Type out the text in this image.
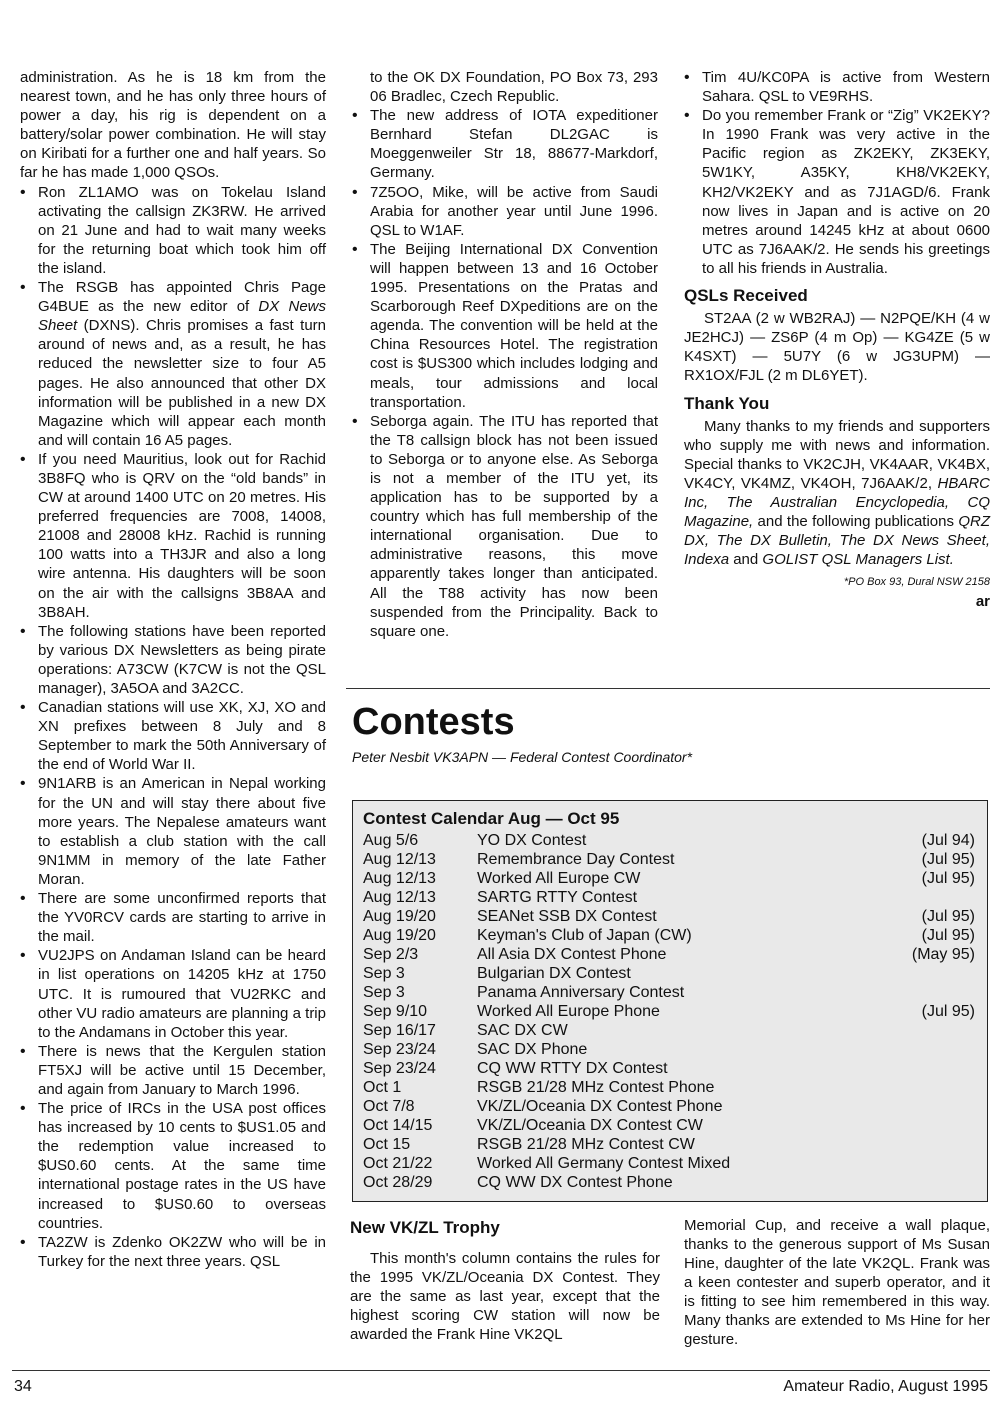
administration. As he is 18 km from the nearest town, and he has only three hours of power a day, his rig is dependent on a battery/solar power combination. He will stay on Kiribati for a further one and half years. So far he has made 1,000 QSOs.

• Ron ZL1AMO was on Tokelau Island activating the callsign ZK3RW. He arrived on 21 June and had to wait many weeks for the returning boat which took him off the island.

• The RSGB has appointed Chris Page G4BUE as the new editor of DX News Sheet (DXNS). Chris promises a fast turn around of news and, as a result, he has reduced the newsletter size to four A5 pages. He also announced that other DX information will be published in a new DX Magazine which will appear each month and will contain 16 A5 pages.

• If you need Mauritius, look out for Rachid 3B8FQ who is QRV on the “old bands” in CW at around 1400 UTC on 20 metres. His preferred frequencies are 7008, 14008, 21008 and 28008 kHz. Rachid is running 100 watts into a TH3JR and also a long wire antenna. His daughters will be soon on the air with the callsigns 3B8AA and 3B8AH.

• The following stations have been reported by various DX Newsletters as being pirate operations: A73CW (K7CW is not the QSL manager), 3A5OA and 3A2CC.

• Canadian stations will use XK, XJ, XO and XN prefixes between 8 July and 8 September to mark the 50th Anniversary of the end of World War II.

• 9N1ARB is an American in Nepal working for the UN and will stay there about five more years. The Nepalese amateurs want to establish a club station with the call 9N1MM in memory of the late Father Moran.

• There are some unconfirmed reports that the YV0RCV cards are starting to arrive in the mail.

• VU2JPS on Andaman Island can be heard in list operations on 14205 kHz at 1750 UTC. It is rumoured that VU2RKC and other VU radio amateurs are planning a trip to the Andamans in October this year.

• There is news that the Kergulen station FT5XJ will be active until 15 December, and again from January to March 1996.

• The price of IRCs in the USA post offices has increased by 10 cents to $US1.05 and the redemption value increased to $US0.60 cents. At the same time international postage rates in the US have increased to $US0.60 to overseas countries.

• TA2ZW is Zdenko OK2ZW who will be in Turkey for the next three years. QSL

to the OK DX Foundation, PO Box 73, 293 06 Bradlec, Czech Republic.

• The new address of IOTA expeditioner Bernhard Stefan DL2GAC is Moeggenweiler Str 18, 88677-Markdorf, Germany.

• 7Z5OO, Mike, will be active from Saudi Arabia for another year until June 1996. QSL to W1AF.

• The Beijing International DX Convention will happen between 13 and 16 October 1995. Presentations on the Pratas and Scarborough Reef DXpeditions are on the agenda. The convention will be held at the China Resources Hotel. The registration cost is $US300 which includes lodging and meals, tour admissions and local transportation.

• Seborga again. The ITU has reported that the T8 callsign block has not been issued to Seborga or to anyone else. As Seborga is not a member of the ITU yet, its application has to be supported by a country which has full membership of the international organisation. Due to administrative reasons, this move apparently takes longer than anticipated. All the T88 activity has now been suspended from the Principality. Back to square one.

• Tim 4U/KC0PA is active from Western Sahara. QSL to VE9RHS.

• Do you remember Frank or “Zig” VK2EKY? In 1990 Frank was very active in the Pacific region as ZK2EKY, ZK3EKY, 5W1KY, A35KY, KH8/VK2EKY, KH2/VK2EKY and as 7J1AGD/6. Frank now lives in Japan and is active on 20 metres around 14245 kHz at about 0600 UTC as 7J6AAK/2. He sends his greetings to all his friends in Australia.

QSLs Received

ST2AA (2 w WB2RAJ) — N2PQE/KH (4 w JE2HCJ) — ZS6P (4 m Op) — KG4ZE (5 w K4SXT) — 5U7Y (6 w JG3UPM) — RX1OX/FJL (2 m DL6YET).

Thank You

Many thanks to my friends and supporters who supply me with news and information. Special thanks to VK2CJH, VK4AAR, VK4BX, VK4CY, VK4MZ, VK4OH, 7J6AAK/2, HBARC Inc, The Australian Encyclopedia, CQ Magazine, and the following publications QRZ DX, The DX Bulletin, The DX News Sheet, Indexa and GOLIST QSL Managers List.

*PO Box 93, Dural NSW 2158

ar

Contests

Peter Nesbit VK3APN — Federal Contest Coordinator*

Contest Calendar Aug — Oct 95
Aug 5/6	YO DX Contest	(Jul 94)
Aug 12/13	Remembrance Day Contest	(Jul 95)
Aug 12/13	Worked All Europe CW	(Jul 95)
Aug 12/13	SARTG RTTY Contest
Aug 19/20	SEANet SSB DX Contest	(Jul 95)
Aug 19/20	Keyman's Club of Japan (CW)	(Jul 95)
Sep 2/3	All Asia DX Contest Phone	(May 95)
Sep 3	Bulgarian DX Contest
Sep 3	Panama Anniversary Contest
Sep 9/10	Worked All Europe Phone	(Jul 95)
Sep 16/17	SAC DX CW
Sep 23/24	SAC DX Phone
Sep 23/24	CQ WW RTTY DX Contest
Oct 1	RSGB 21/28 MHz Contest Phone
Oct 7/8	VK/ZL/Oceania DX Contest Phone
Oct 14/15	VK/ZL/Oceania DX Contest CW
Oct 15	RSGB 21/28 MHz Contest CW
Oct 21/22	Worked All Germany Contest Mixed
Oct 28/29	CQ WW DX Contest Phone
New VK/ZL Trophy

This month's column contains the rules for the 1995 VK/ZL/Oceania DX Contest. They are the same as last year, except that the highest scoring CW station will now be awarded the Frank Hine VK2QL

Memorial Cup, and receive a wall plaque, thanks to the generous support of Ms Susan Hine, daughter of the late VK2QL. Frank was a keen contester and superb operator, and it is fitting to see him remembered in this way. Many thanks are extended to Ms Hine for her gesture.

34	Amateur Radio, August 1995
